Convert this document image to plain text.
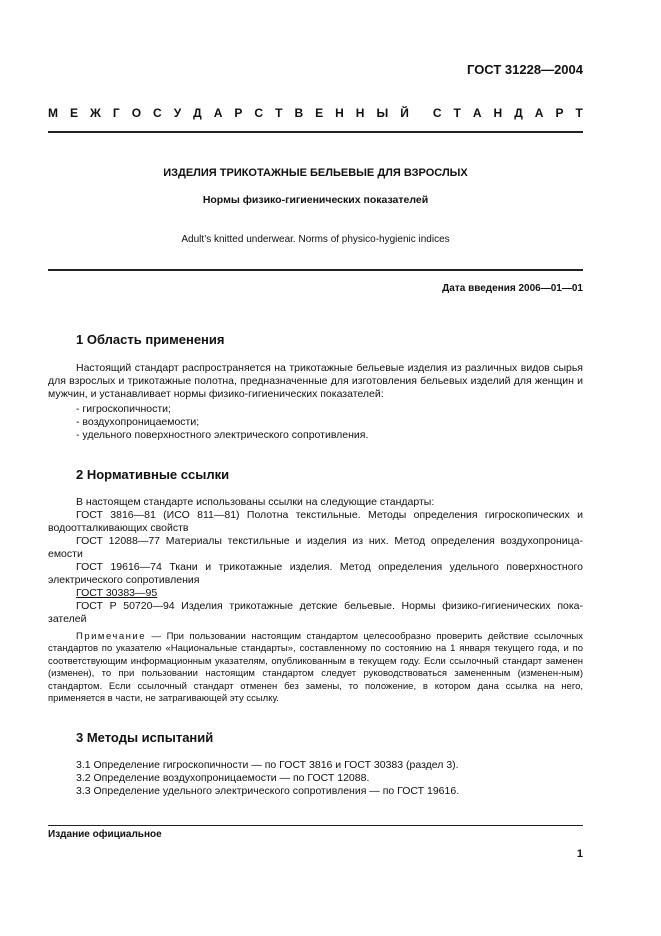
ГОСТ 31228—2004
М Е Ж Г О С У Д А Р С Т В Е Н Н Ы Й С Т А Н Д А Р Т
ИЗДЕЛИЯ ТРИКОТАЖНЫЕ БЕЛЬЕВЫЕ ДЛЯ ВЗРОСЛЫХ
Нормы физико-гигиенических показателей
Adult’s knitted underwear. Norms of physico-hygienic indices
Дата введения 2006—01—01
1 Область применения
Настоящий стандарт распространяется на трикотажные бельевые изделия из различных видов сырья для взрослых и трикотажные полотна, предназначенные для изготовления бельевых изделий для женщин и мужчин, и устанавливает нормы физико-гигиенических показателей:
- гигроскопичности;
- воздухопроницаемости;
- удельного поверхностного электрического сопротивления.
2 Нормативные ссылки
В настоящем стандарте использованы ссылки на следующие стандарты:
ГОСТ 3816—81 (ИСО 811—81) Полотна текстильные. Методы определения гигроскопических и водоотталкивающих свойств
ГОСТ 12088—77 Материалы текстильные и изделия из них. Метод определения воздухопроница-емости
ГОСТ 19616—74 Ткани и трикотажные изделия. Метод определения удельного поверхностного электрического сопротивления
ГОСТ 30383—95
ГОСТ Р 50720—94 Изделия трикотажные детские бельевые. Нормы физико-гигиенических пока-зателей
Примечание — При пользовании настоящим стандартом целесообразно проверить действие ссылочных стандартов по указателю «Национальные стандарты», составленному по состоянию на 1 января текущего года, и по соответствующим информационным указателям, опубликованным в текущем году. Если ссылочный стандарт заменен (изменен), то при пользовании настоящим стандартом следует руководствоваться замененным (изменен-ным) стандартом. Если ссылочный стандарт отменен без замены, то положение, в котором дана ссылка на него, применяется в части, не затрагивающей эту ссылку.
3 Методы испытаний
3.1 Определение гигроскопичности — по ГОСТ 3816 и ГОСТ 30383 (раздел 3).
3.2 Определение воздухопроницаемости — по ГОСТ 12088.
3.3 Определение удельного электрического сопротивления — по ГОСТ 19616.
Издание официальное
1
